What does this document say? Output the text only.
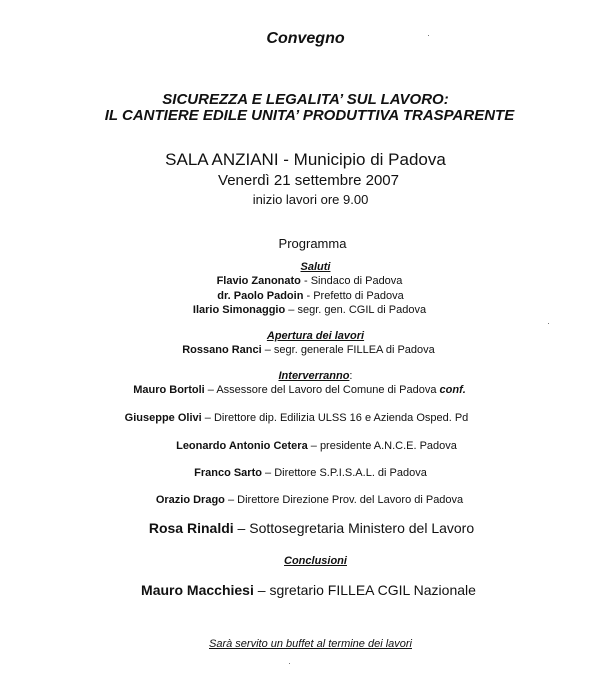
Convegno
SICUREZZA E LEGALITA’ SUL LAVORO:
IL CANTIERE EDILE UNITA’ PRODUTTIVA TRASPARENTE
SALA ANZIANI - Municipio di Padova
Venerdì 21 settembre 2007
inizio lavori ore 9.00
Programma
Saluti
Flavio Zanonato - Sindaco di Padova
dr. Paolo Padoin - Prefetto di Padova
Ilario Simonaggio – segr. gen. CGIL di Padova
Apertura dei lavori
Rossano Ranci – segr. generale FILLEA di Padova
Interverranno:
Mauro Bortoli – Assessore del Lavoro del Comune di Padova conf.
Giuseppe Olivi – Direttore dip. Edilizia ULSS 16 e Azienda Osped. Pd
Leonardo Antonio Cetera – presidente A.N.C.E. Padova
Franco Sarto – Direttore S.P.I.S.A.L. di Padova
Orazio Drago – Direttore Direzione Prov. del Lavoro di Padova
Rosa Rinaldi – Sottosegretaria Ministero del Lavoro
Conclusioni
Mauro Macchiesi – sgretario FILLEA CGIL Nazionale
Sarà servito un buffet al termine dei lavori
